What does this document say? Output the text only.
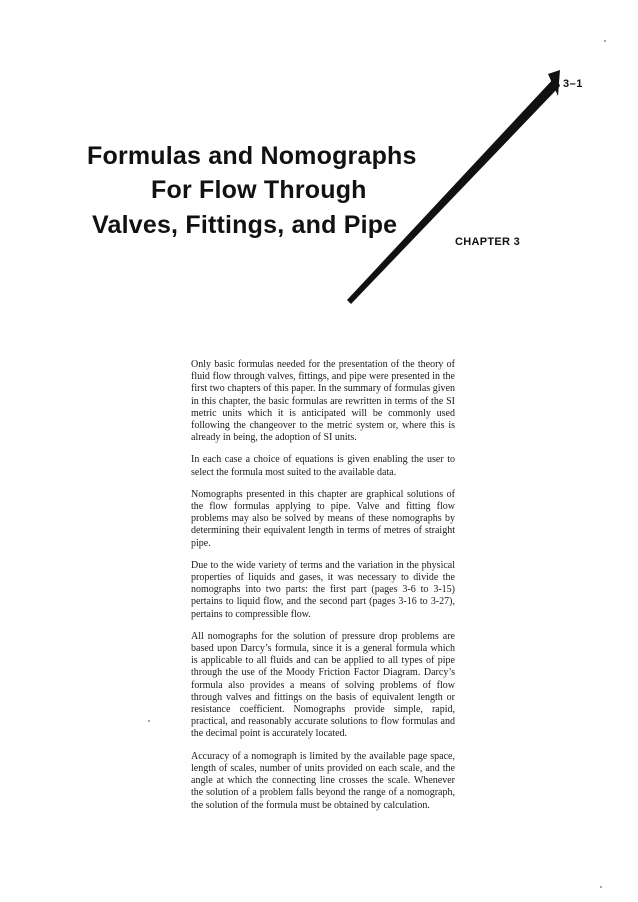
3–1
Formulas and Nomographs
For Flow Through
Valves, Fittings, and Pipe
CHAPTER 3

Only basic formulas needed for the presentation of the theory of fluid flow through valves, fittings, and pipe were presented in the first two chapters of this paper. In the summary of formulas given in this chapter, the basic formulas are rewritten in terms of the SI metric units which it is anticipated will be commonly used following the changeover to the metric system or, where this is already in being, the adoption of SI units.

In each case a choice of equations is given enabling the user to select the formula most suited to the available data.

Nomographs presented in this chapter are graphical solutions of the flow formulas applying to pipe. Valve and fitting flow problems may also be solved by means of these nomographs by determining their equivalent length in terms of metres of straight pipe.

Due to the wide variety of terms and the variation in the physical properties of liquids and gases, it was necessary to divide the nomographs into two parts: the first part (pages 3-6 to 3-15) pertains to liquid flow, and the second part (pages 3-16 to 3-27), pertains to compressible flow.

All nomographs for the solution of pressure drop problems are based upon Darcy’s formula, since it is a general formula which is applicable to all fluids and can be applied to all types of pipe through the use of the Moody Friction Factor Diagram. Darcy’s formula also provides a means of solving problems of flow through valves and fittings on the basis of equivalent length or resistance coefficient. Nomographs provide simple, rapid, practical, and reasonably accurate solutions to flow formulas and the decimal point is accurately located.

Accuracy of a nomograph is limited by the available page space, length of scales, number of units provided on each scale, and the angle at which the connecting line crosses the scale. Whenever the solution of a problem falls beyond the range of a nomograph, the solution of the formula must be obtained by calculation.
